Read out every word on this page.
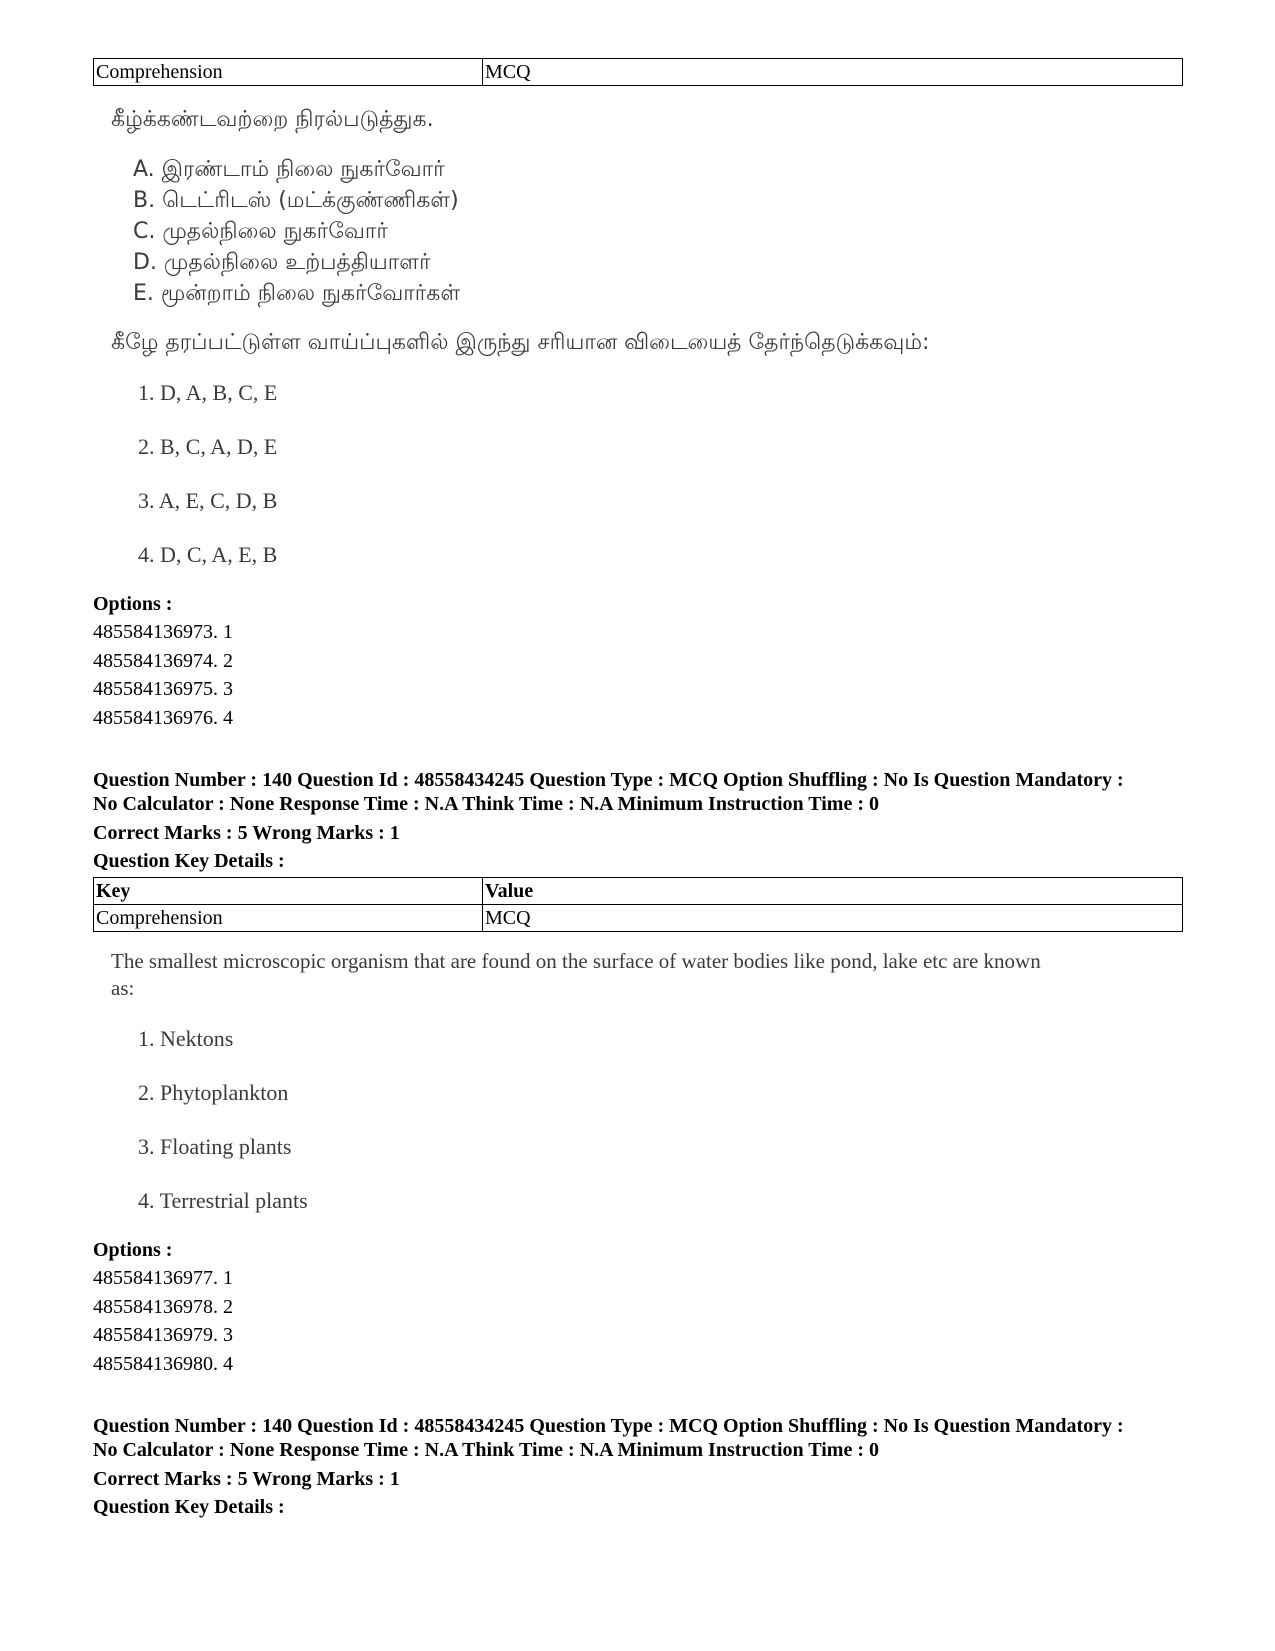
Comprehension	MCQ
கீழ்க்கண்டவற்றை நிரல்படுத்துக.
A. இரண்டாம் நிலை நுகர்வோர்
B. டெட்ரிடஸ் (மட்க்குண்ணிகள்)
C. முதல்நிலை நுகர்வோர்
D. முதல்நிலை உற்பத்தியாளர்
E. மூன்றாம் நிலை நுகர்வோர்கள்
கீழே தரப்பட்டுள்ள வாய்ப்புகளில் இருந்து சரியான விடையைத் தேர்ந்தெடுக்கவும்:
1. D, A, B, C, E
2. B, C, A, D, E
3. A, E, C, D, B
4. D, C, A, E, B
Options :
485584136973. 1
485584136974. 2
485584136975. 3
485584136976. 4
Question Number : 140 Question Id : 48558434245 Question Type : MCQ Option Shuffling : No Is Question Mandatory :
No Calculator : None Response Time : N.A Think Time : N.A Minimum Instruction Time : 0
Correct Marks : 5 Wrong Marks : 1
Question Key Details :
Key	Value
Comprehension	MCQ
The smallest microscopic organism that are found on the surface of water bodies like pond, lake etc are known
as:
1. Nektons
2. Phytoplankton
3. Floating plants
4. Terrestrial plants
Options :
485584136977. 1
485584136978. 2
485584136979. 3
485584136980. 4
Question Number : 140 Question Id : 48558434245 Question Type : MCQ Option Shuffling : No Is Question Mandatory :
No Calculator : None Response Time : N.A Think Time : N.A Minimum Instruction Time : 0
Correct Marks : 5 Wrong Marks : 1
Question Key Details :
